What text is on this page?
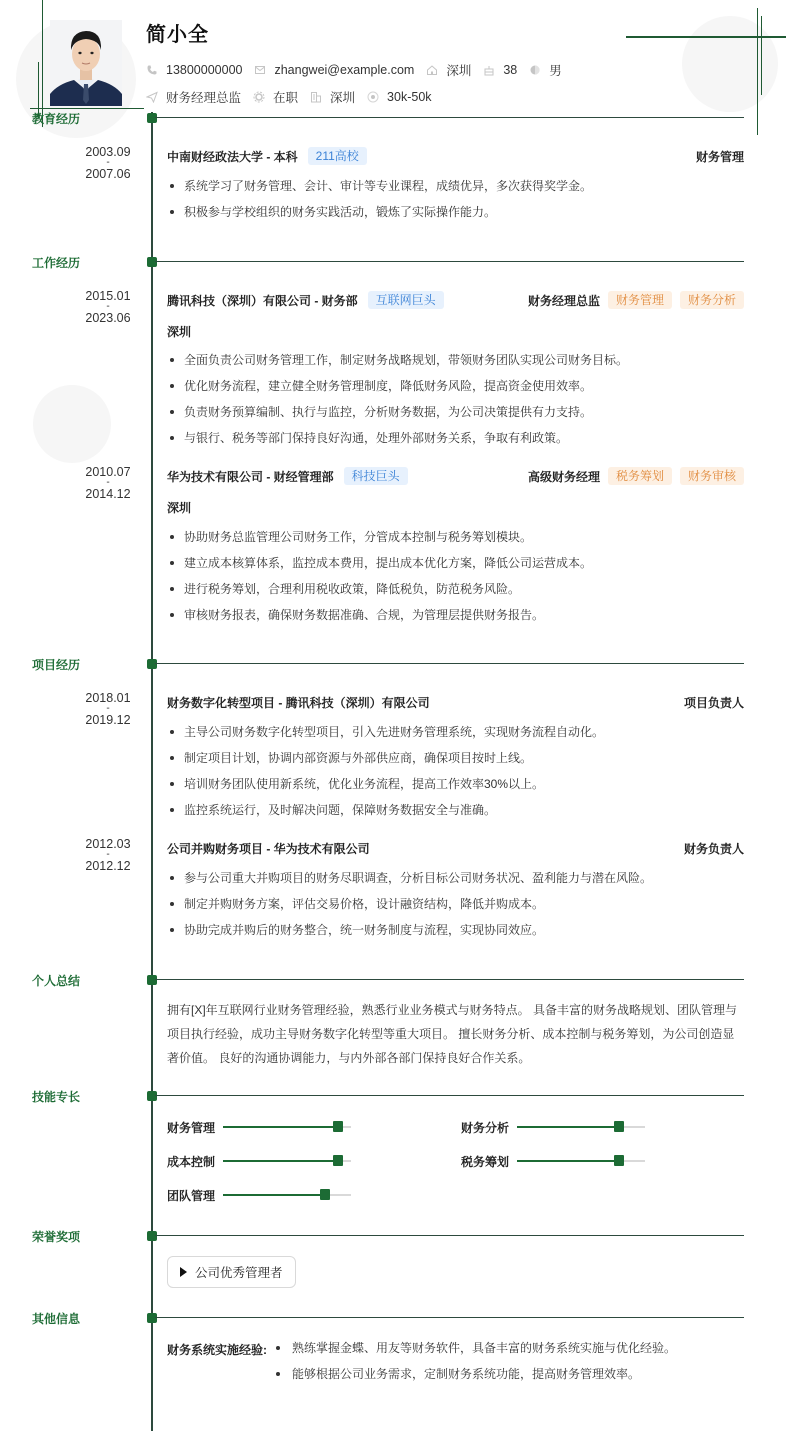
简小全
13800000000	zhangwei@example.com	深圳	38	男
财务经理总监	在职	深圳	30k-50k
教育经历
2003.09
-
2007.06
中南财经政法大学 - 本科	211高校	财务管理
系统学习了财务管理、会计、审计等专业课程，成绩优异，多次获得奖学金。
积极参与学校组织的财务实践活动，锻炼了实际操作能力。
工作经历
2015.01
-
2023.06
腾讯科技（深圳）有限公司 - 财务部	互联网巨头	财务经理总监	财务管理	财务分析
深圳
全面负责公司财务管理工作，制定财务战略规划，带领财务团队实现公司财务目标。
优化财务流程，建立健全财务管理制度，降低财务风险，提高资金使用效率。
负责财务预算编制、执行与监控，分析财务数据，为公司决策提供有力支持。
与银行、税务等部门保持良好沟通，处理外部财务关系，争取有利政策。
2010.07
-
2014.12
华为技术有限公司 - 财经管理部	科技巨头	高级财务经理	税务筹划	财务审核
深圳
协助财务总监管理公司财务工作，分管成本控制与税务筹划模块。
建立成本核算体系，监控成本费用，提出成本优化方案，降低公司运营成本。
进行税务筹划，合理利用税收政策，降低税负，防范税务风险。
审核财务报表，确保财务数据准确、合规，为管理层提供财务报告。
项目经历
2018.01
-
2019.12
财务数字化转型项目 - 腾讯科技（深圳）有限公司	项目负责人
主导公司财务数字化转型项目，引入先进财务管理系统，实现财务流程自动化。
制定项目计划，协调内部资源与外部供应商，确保项目按时上线。
培训财务团队使用新系统，优化业务流程，提高工作效率30%以上。
监控系统运行，及时解决问题，保障财务数据安全与准确。
2012.03
-
2012.12
公司并购财务项目 - 华为技术有限公司	财务负责人
参与公司重大并购项目的财务尽职调查，分析目标公司财务状况、盈利能力与潜在风险。
制定并购财务方案，评估交易价格，设计融资结构，降低并购成本。
协助完成并购后的财务整合，统一财务制度与流程，实现协同效应。
个人总结
拥有[X]年互联网行业财务管理经验，熟悉行业业务模式与财务特点。 具备丰富的财务战略规划、团队管理与项目执行经验，成功主导财务数字化转型等重大项目。 擅长财务分析、成本控制与税务筹划，为公司创造显著价值。 良好的沟通协调能力，与内外部各部门保持良好合作关系。
技能专长
财务管理	财务分析
成本控制	税务筹划
团队管理
荣誉奖项
公司优秀管理者
其他信息
财务系统实施经验:	熟练掌握金蝶、用友等财务软件，具备丰富的财务系统实施与优化经验。
能够根据公司业务需求，定制财务系统功能，提高财务管理效率。
